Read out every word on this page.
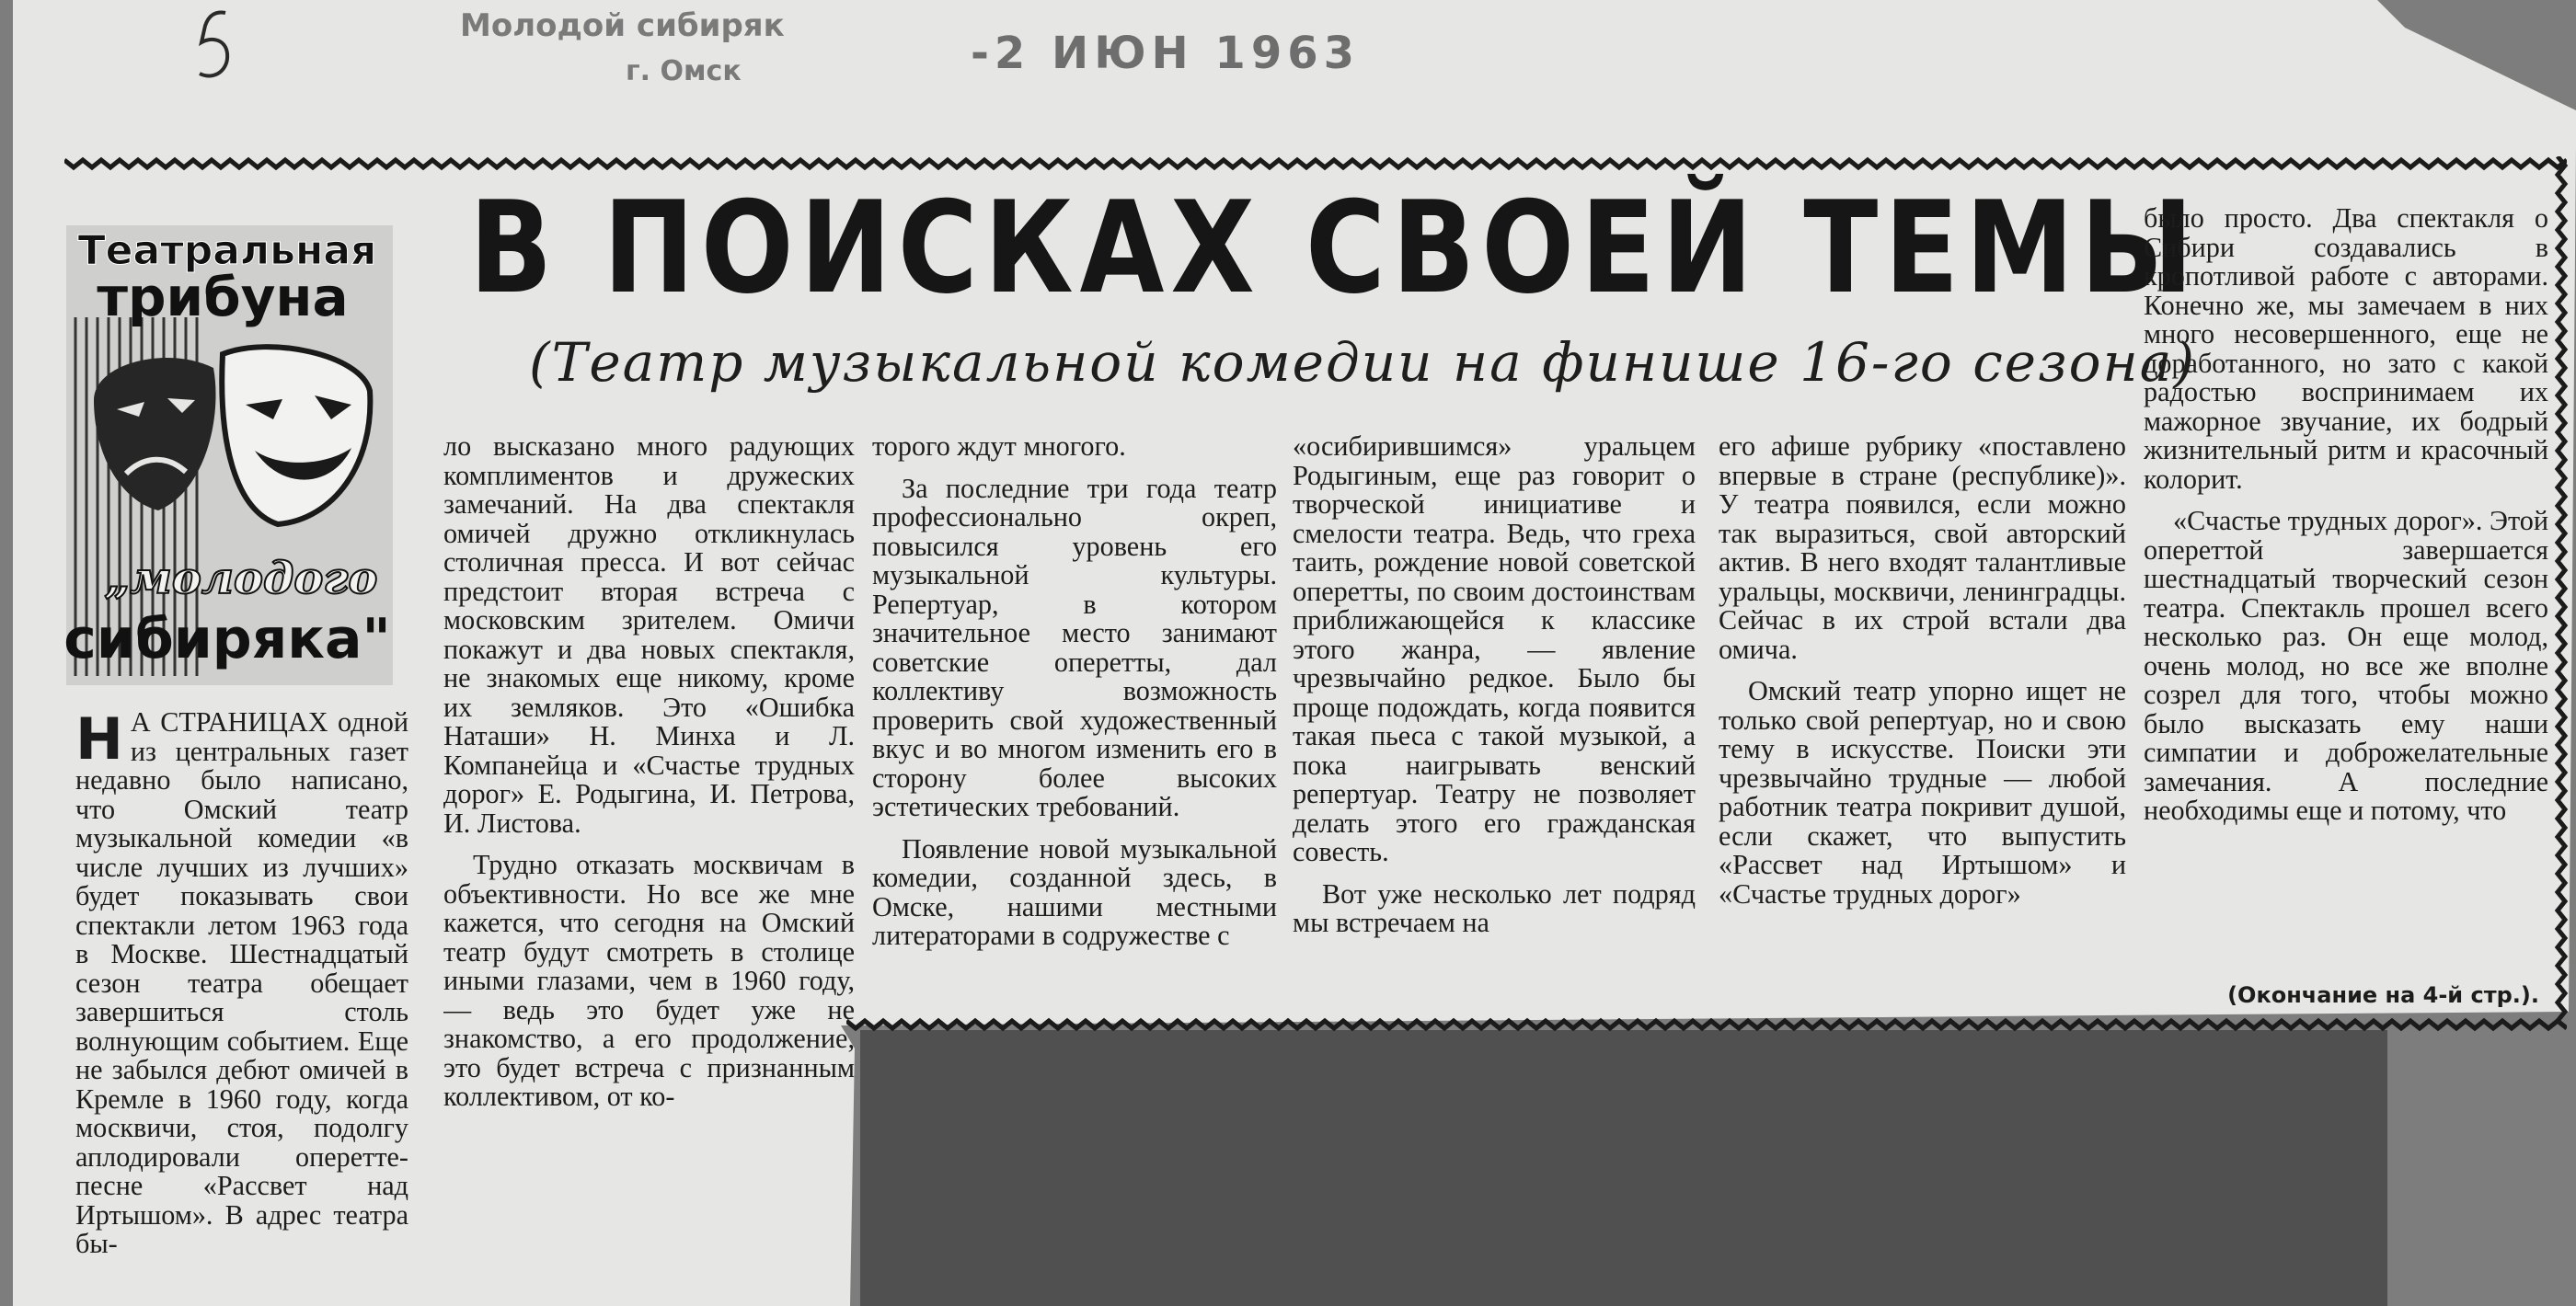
Молодой сибиряк
г. Омск	-2 ИЮН 1963
Театральная
трибуна
„молодого
сибиряка"
В ПОИСКАХ СВОЕЙ ТЕМЫ
(Театр музыкальной комедии на финише 16-го сезона)

Н А СТРАНИЦАХ одной из центральных газет недавно было написано, что Омский театр музыкальной комедии «в числе лучших из лучших» будет показывать свои спектакли летом 1963 года в Москве. Шестнадцатый сезон театра обещает завершиться столь волнующим событием. Еще не забылся дебют омичей в Кремле в 1960 году, когда москвичи, стоя, подолгу аплодировали оперетте-песне «Рассвет над Иртышом». В адрес театра бы-

ло высказано много радующих комплиментов и дружеских замечаний. На два спектакля омичей дружно откликнулась столичная пресса. И вот сейчас предстоит вторая встреча с московским зрителем. Омичи покажут и два новых спектакля, не знакомых еще никому, кроме их земляков. Это «Ошибка Наташи» Н. Минха и Л. Компанейца и «Счастье трудных дорог» Е. Родыгина, И. Петрова, И. Листова.

Трудно отказать москвичам в объективности. Но все же мне кажется, что сегодня на Омский театр будут смотреть в столице иными глазами, чем в 1960 году, — ведь это будет уже не знакомство, а его продолжение, это будет встреча с признанным коллективом, от ко-

торого ждут многого.

За последние три года театр профессионально окреп, повысился уровень его музыкальной культуры. Репертуар, в котором значительное место занимают советские оперетты, дал коллективу возможность проверить свой художественный вкус и во многом изменить его в сторону более высоких эстетических требований.

Появление новой музыкальной комедии, созданной здесь, в Омске, нашими местными литераторами в содружестве с

«осибирившимся» уральцем Родыгиным, еще раз говорит о творческой инициативе и смелости театра. Ведь, что греха таить, рождение новой советской оперетты, по своим достоинствам приближающейся к классике этого жанра, — явление чрезвычайно редкое. Было бы проще подождать, когда появится такая пьеса с такой музыкой, а пока наигрывать венский репертуар. Театру не позволяет делать этого его гражданская совесть.

Вот уже несколько лет подряд мы встречаем на

его афише рубрику «поставлено впервые в стране (республике)». У театра появился, если можно так выразиться, свой авторский актив. В него входят талантливые уральцы, москвичи, ленинградцы. Сейчас в их строй встали два омича.

Омский театр упорно ищет не только свой репертуар, но и свою тему в искусстве. Поиски эти чрезвычайно трудные — любой работник театра покривит душой, если скажет, что выпустить «Рассвет над Иртышом» и «Счастье трудных дорог»

было просто. Два спектакля о Сибири создавались в кропотливой работе с авторами. Конечно же, мы замечаем в них много несовершенного, еще не доработанного, но зато с какой радостью воспринимаем их мажорное звучание, их бодрый жизнительный ритм и красочный колорит.

«Счастье трудных дорог». Этой опереттой завершается шестнадцатый творческий сезон театра. Спектакль прошел всего несколько раз. Он еще молод, очень молод, но все же вполне созрел для того, чтобы можно было высказать ему наши симпатии и доброжелательные замечания. А последние необходимы еще и потому, что

(Окончание на 4-й стр.).
